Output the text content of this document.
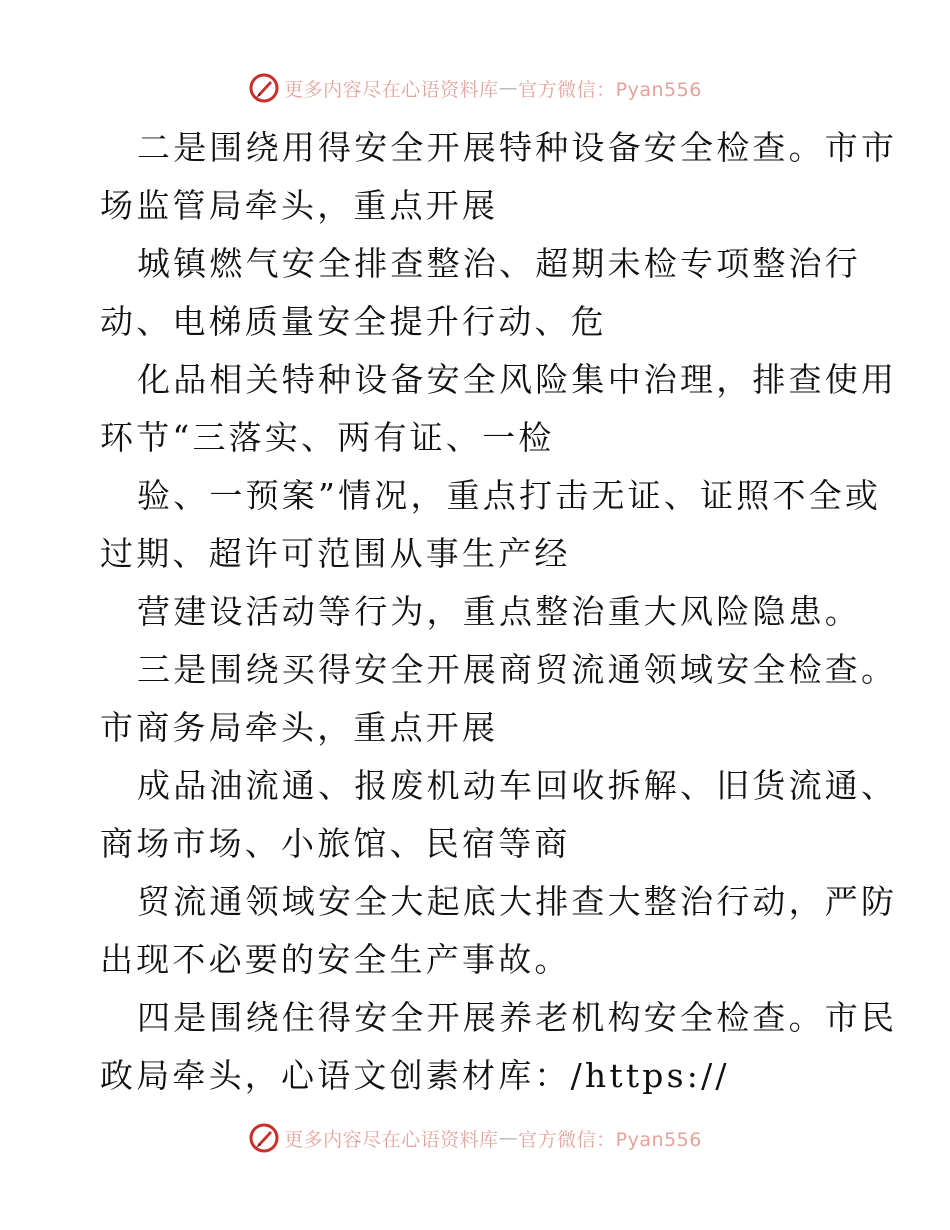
更多内容尽在心语资料库 — 官方微信：Pyan556
二是围绕用得安全开展特种设备安全检查。市市
场监管局牵头，重点开展
城镇燃气安全排查整治、超期未检专项整治行
动、电梯质量安全提升行动、危
化品相关特种设备安全风险集中治理，排查使用
环节“三落实、两有证、一检
验、一预案”情况，重点打击无证、证照不全或
过期、超许可范围从事生产经
营建设活动等行为，重点整治重大风险隐患。
三是围绕买得安全开展商贸流通领域安全检查。
市商务局牵头，重点开展
成品油流通、报废机动车回收拆解、旧货流通、
商场市场、小旅馆、民宿等商
贸流通领域安全大起底大排查大整治行动，严防
出现不必要的安全生产事故。
四是围绕住得安全开展养老机构安全检查。市民
政局牵头，心语文创素材库：/https://
更多内容尽在心语资料库 — 官方微信：Pyan556
